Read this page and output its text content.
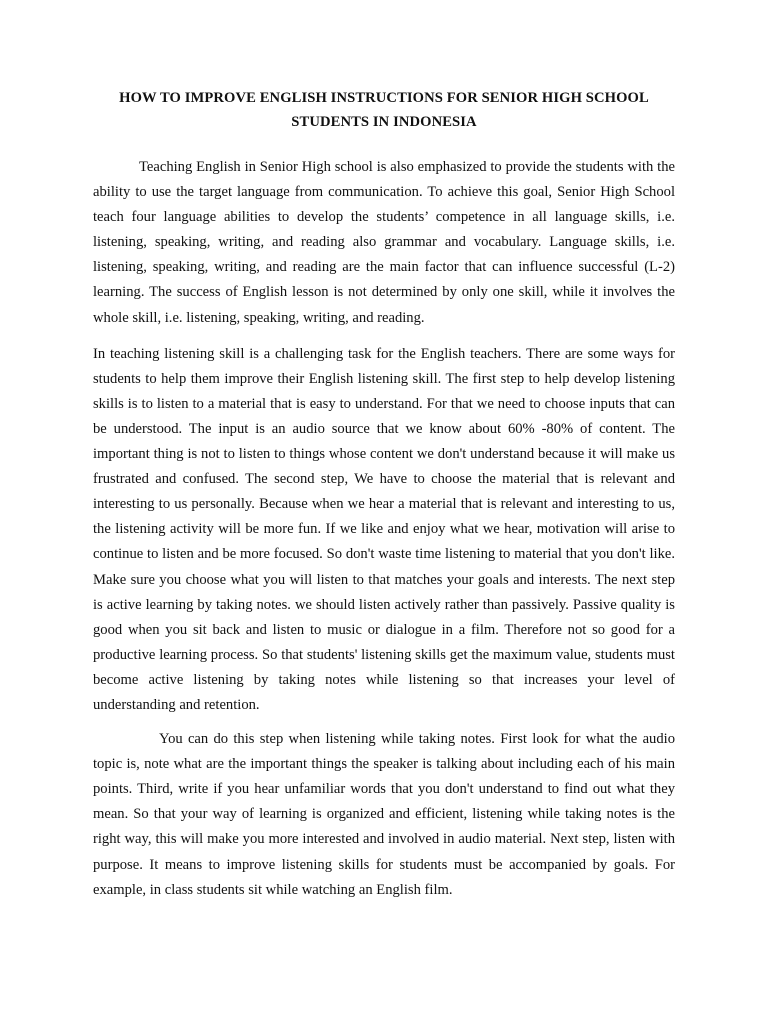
HOW TO IMPROVE ENGLISH INSTRUCTIONS FOR SENIOR HIGH SCHOOL STUDENTS IN INDONESIA

Teaching English in Senior High school is also emphasized to provide the students with the ability to use the target language from communication. To achieve this goal, Senior High School teach four language abilities to develop the students’ competence in all language skills, i.e. listening, speaking, writing, and reading also grammar and vocabulary. Language skills, i.e. listening, speaking, writing, and reading are the main factor that can influence successful (L-2) learning. The success of English lesson is not determined by only one skill, while it involves the whole skill, i.e. listening, speaking, writing, and reading.

In teaching listening skill is a challenging task for the English teachers. There are some ways for students to help them improve their English listening skill. The first step to help develop listening skills is to listen to a material that is easy to understand. For that we need to choose inputs that can be understood. The input is an audio source that we know about 60% -80% of content. The important thing is not to listen to things whose content we don't understand because it will make us frustrated and confused. The second step, We have to choose the material that is relevant and interesting to us personally. Because when we hear a material that is relevant and interesting to us, the listening activity will be more fun. If we like and enjoy what we hear, motivation will arise to continue to listen and be more focused. So don't waste time listening to material that you don't like. Make sure you choose what you will listen to that matches your goals and interests. The next step is active learning by taking notes. we should listen actively rather than passively. Passive quality is good when you sit back and listen to music or dialogue in a film. Therefore not so good for a productive learning process. So that students' listening skills get the maximum value, students must become active listening by taking notes while listening so that increases your level of understanding and retention.

You can do this step when listening while taking notes. First look for what the audio topic is, note what are the important things the speaker is talking about including each of his main points. Third, write if you hear unfamiliar words that you don't understand to find out what they mean. So that your way of learning is organized and efficient, listening while taking notes is the right way, this will make you more interested and involved in audio material. Next step, listen with purpose. It means to improve listening skills for students must be accompanied by goals. For example, in class students sit while watching an English film.
